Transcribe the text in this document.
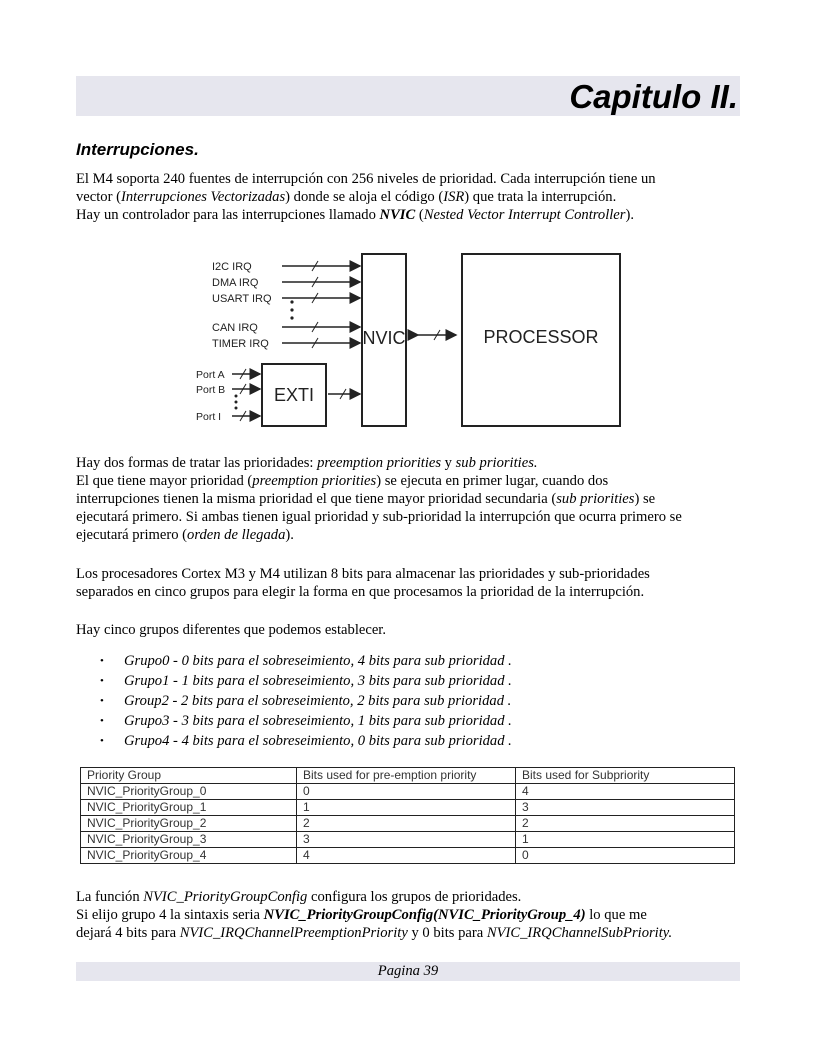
Capitulo II.
Interrupciones.
El M4 soporta 240 fuentes de interrupción con 256 niveles de prioridad. Cada interrupción tiene un
vector (Interrupciones Vectorizadas) donde se aloja el código (ISR) que trata la interrupción.
Hay un controlador para las interrupciones llamado NVIC (Nested Vector Interrupt Controller).
NVIC	PROCESSOR
EXTI
I2C IRQ
DMA IRQ
USART IRQ
CAN IRQ
TIMER IRQ
Port A
Port B
Port I
Hay dos formas de tratar las prioridades: preemption priorities y sub priorities.
El que tiene mayor prioridad (preemption priorities) se ejecuta en primer lugar, cuando dos
interrupciones tienen la misma prioridad el que tiene mayor prioridad secundaria (sub priorities) se
ejecutará primero. Si ambas tienen igual prioridad y sub-prioridad la interrupción que ocurra primero se
ejecutará primero (orden de llegada).
Los procesadores Cortex M3 y M4 utilizan 8 bits para almacenar las prioridades y sub-prioridades
separados en cinco grupos para elegir la forma en que procesamos la prioridad de la interrupción.
Hay cinco grupos diferentes que podemos establecer.
• Grupo0 - 0 bits para el sobreseimiento, 4 bits para sub prioridad .
• Grupo1 - 1 bits para el sobreseimiento, 3 bits para sub prioridad .
• Group2 - 2 bits para el sobreseimiento, 2 bits para sub prioridad .
• Grupo3 - 3 bits para el sobreseimiento, 1 bits para sub prioridad .
• Grupo4 - 4 bits para el sobreseimiento, 0 bits para sub prioridad .
Priority Group	Bits used for pre-emption priority	Bits used for Subpriority
NVIC_PriorityGroup_0	0	4
NVIC_PriorityGroup_1	1	3
NVIC_PriorityGroup_2	2	2
NVIC_PriorityGroup_3	3	1
NVIC_PriorityGroup_4	4	0
La función NVIC_PriorityGroupConfig configura los grupos de prioridades.
Si elijo grupo 4 la sintaxis seria NVIC_PriorityGroupConfig(NVIC_PriorityGroup_4) lo que me
dejará 4 bits para NVIC_IRQChannelPreemptionPriority y 0 bits para NVIC_IRQChannelSubPriority.
Pagina 39
